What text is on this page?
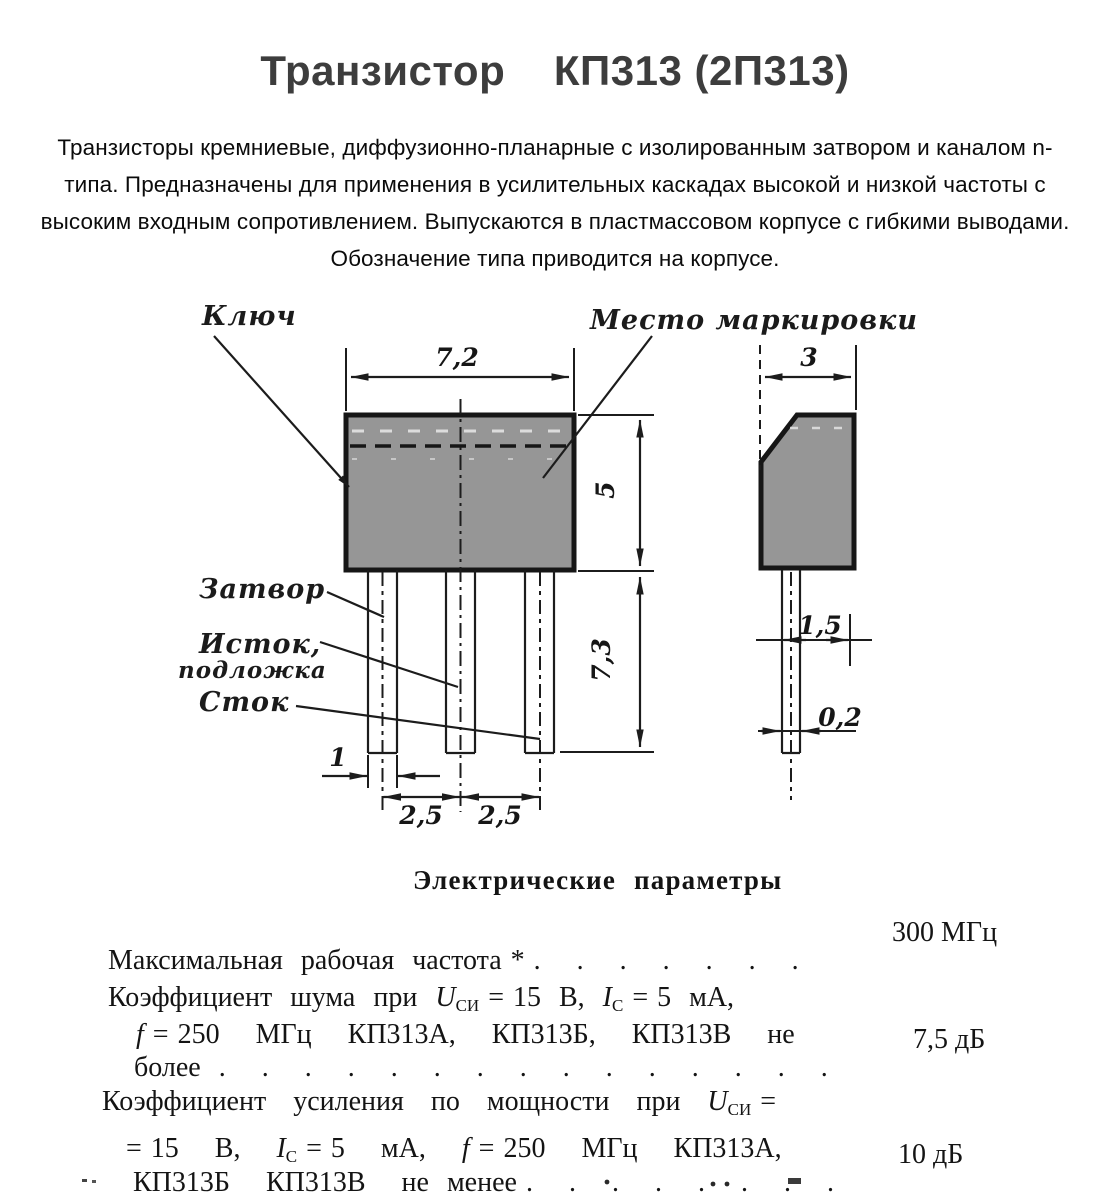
Транзистор    КП313 (2П313)
Транзисторы кремниевые, диффузионно-планарные с изолированным затвором и каналом n-
типа. Предназначены для применения в усилительных каскадах высокой и низкой частоты с
высоким входным сопротивлением. Выпускаются в пластмассовом корпусе с гибкими выводами.
Обозначение типа приводится на корпусе.
7,2
5
7,3
1
2,5 2,5
Ключ	Место маркировки
Затвор
Исток,
подложка
Сток
3
1,5
0,2
Электрические параметры

Максимальная  рабочая  частота * .    .    .    .    .    .    .

300 МГц

Коэффициент  шума  при  UСИ = 15  В,  IС = 5  мА,

f = 250    МГц    КП313А,    КП313Б,    КП313В    не

более  .    .    .    .    .    .    .    .    .    .    .    .    .    .    .

7,5 дБ

Коэффициент   усиления   по   мощности   при   UСИ =

= 15    В,    IС = 5    мА,    f = 250    МГц    КП313А,

КП313Б    КП313В    не  менее .    .    .    .    .    .    .    .

10 дБ
